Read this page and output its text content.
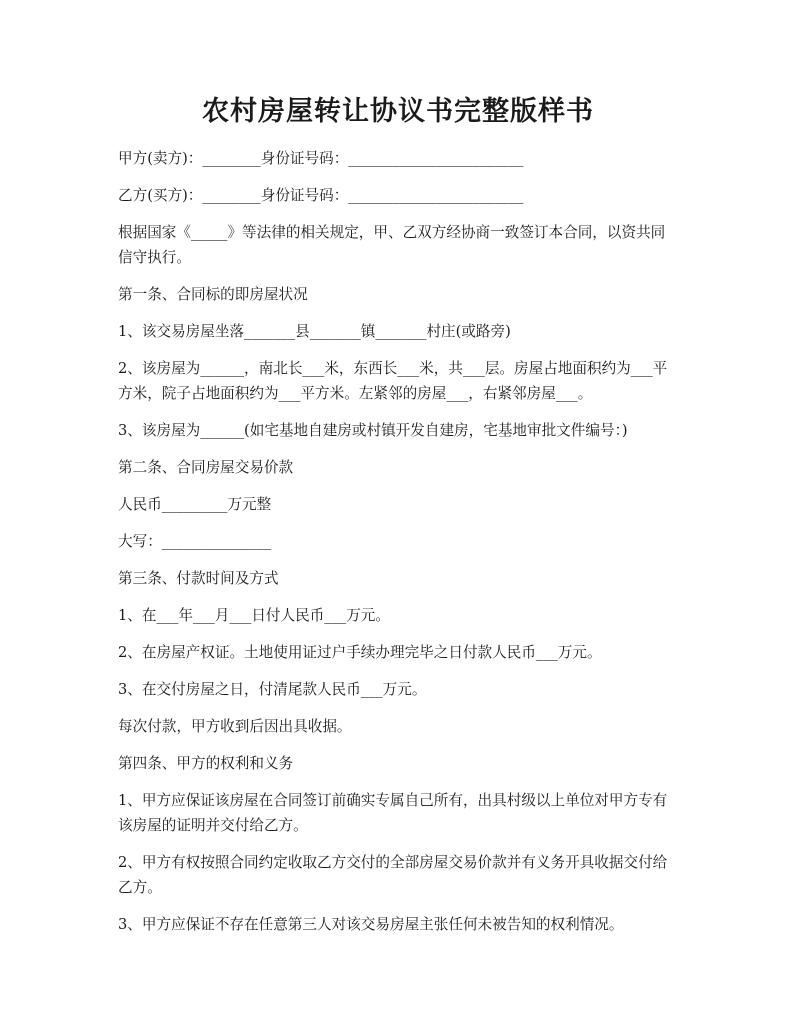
农村房屋转让协议书完整版样书

甲方(卖方)：________身份证号码：________________________

乙方(买方)：________身份证号码：________________________

根据国家《_____》等法律的相关规定，甲、乙双方经协商一致签订本合同，以资共同信守执行。

第一条、合同标的即房屋状况

1、该交易房屋坐落_______县_______镇_______村庄(或路旁)

2、该房屋为______，南北长___米，东西长___米，共___层。房屋占地面积约为___平方米，院子占地面积约为___平方米。左紧邻的房屋___，右紧邻房屋___。

3、该房屋为______(如宅基地自建房或村镇开发自建房，宅基地审批文件编号：)

第二条、合同房屋交易价款

人民币_________万元整

大写：_______________

第三条、付款时间及方式

1、在___年___月___日付人民币___万元。

2、在房屋产权证。土地使用证过户手续办理完毕之日付款人民币___万元。

3、在交付房屋之日，付清尾款人民币___万元。

每次付款，甲方收到后因出具收据。

第四条、甲方的权利和义务

1、甲方应保证该房屋在合同签订前确实专属自己所有，出具村级以上单位对甲方专有该房屋的证明并交付给乙方。

2、甲方有权按照合同约定收取乙方交付的全部房屋交易价款并有义务开具收据交付给乙方。

3、甲方应保证不存在任意第三人对该交易房屋主张任何未被告知的权利情况。
